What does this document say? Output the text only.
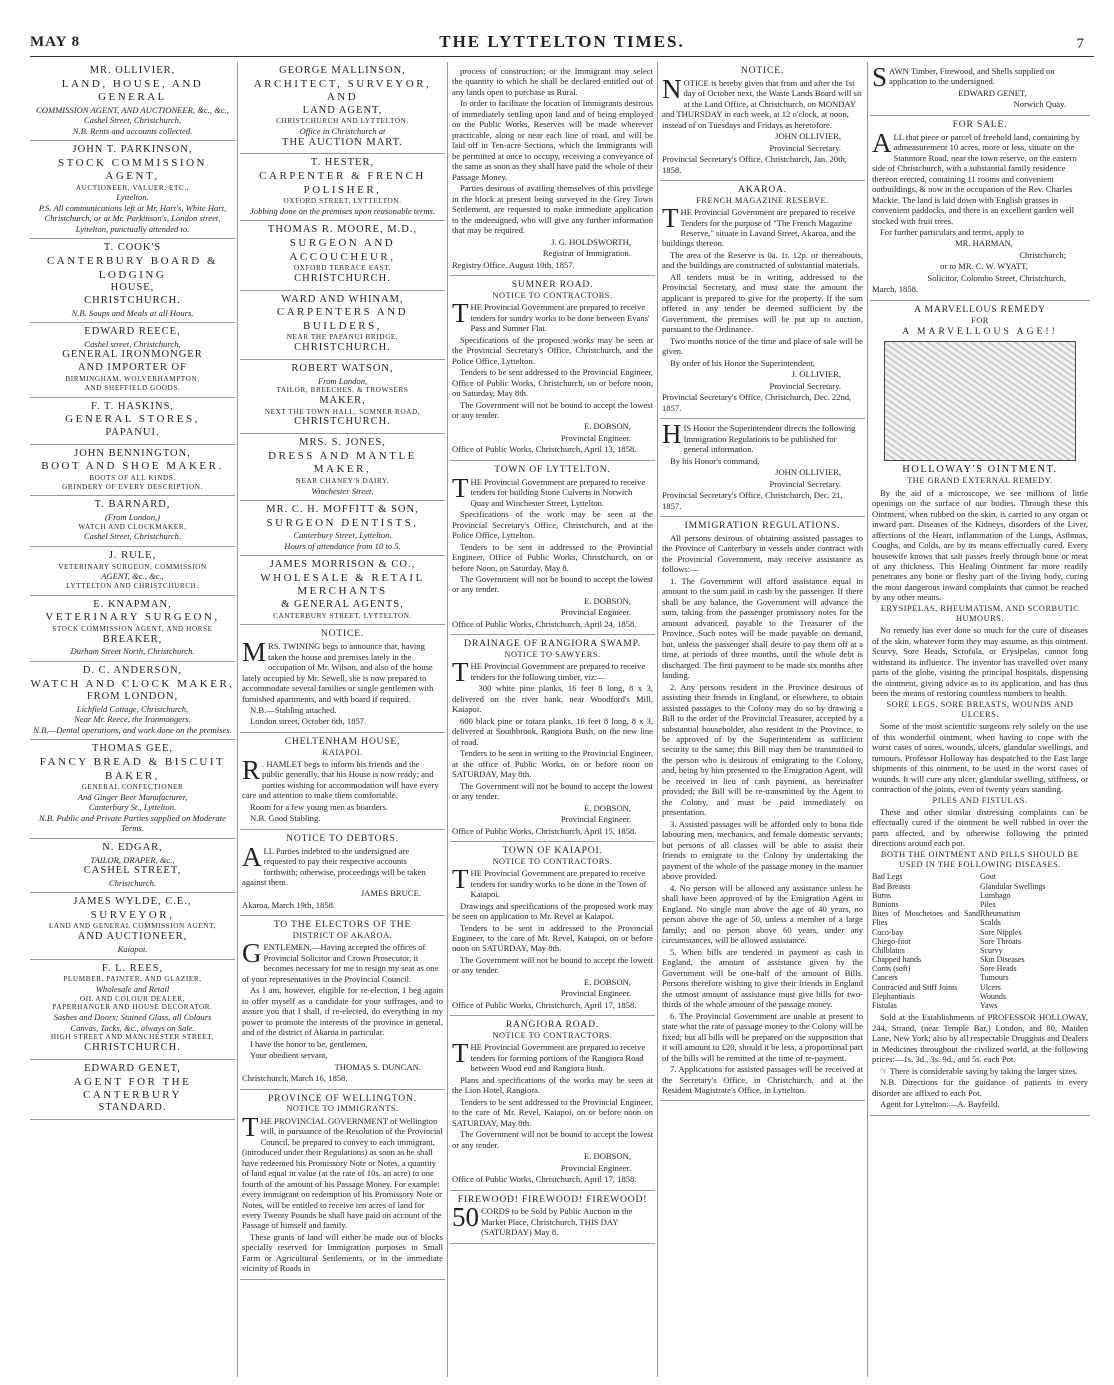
MAY 8	THE LYTTELTON TIMES.	7
MR. OLLIVIER,
LAND, HOUSE, AND GENERAL
COMMISSION AGENT, AND AUCTIONEER, &c., &c.,
Cashel Street, Christchurch,
N.B. Rents and accounts collected.
JOHN T. PARKINSON,
STOCK COMMISSION AGENT,
AUCTIONEER, VALUER, ETC.,
Lyttelton.
P.S. All communications left at Mr. Hart's, White Hart, Christchurch, or at Mr. Parkinson's, London street, Lyttelton, punctually attended to.
T. COOK'S
CANTERBURY BOARD & LODGING
HOUSE,
CHRISTCHURCH.
N.B. Soups and Meals at all Hours.
EDWARD REECE,
Cashel street, Christchurch,
GENERAL IRONMONGER
AND IMPORTER OF
BIRMINGHAM, WOLVERHAMPTON,
AND SHEFFIELD GOODS.
F. T. HASKINS,
GENERAL STORES,
PAPANUI.
JOHN BENNINGTON,
BOOT AND SHOE MAKER.
BOOTS OF ALL KINDS.
GRINDERY OF EVERY DESCRIPTION.
T. BARNARD,
(From London,)
WATCH AND CLOCKMAKER,
Cashel Street, Christchurch.
J. RULE,
VETERINARY SURGEON, COMMISSION
AGENT, &c., &c.,
LYTTELTON AND CHRISTCHURCH.
E. KNAPMAN,
VETERINARY SURGEON,
STOCK COMMISSION AGENT, AND HORSE
BREAKER,
Durham Street North, Christchurch.
D. C. ANDERSON,
WATCH AND CLOCK MAKER,
FROM LONDON,
Lichfield Cottage, Christchurch,
Near Mr. Reece, the Ironmongers.
N.B.—Dental operations, and work done on the premises.
THOMAS GEE,
FANCY BREAD & BISCUIT BAKER,
GENERAL CONFECTIONER
And Ginger Beer Manufacturer,
Canterbury St., Lyttelton.
N.B. Public and Private Parties supplied on Moderate Terms.
N. EDGAR,
TAILOR, DRAPER, &c.,
CASHEL STREET,
Christchurch.
JAMES WYLDE, C.E.,
SURVEYOR,
LAND AND GENERAL COMMISSION AGENT,
AND AUCTIONEER,
Kaiapoi.
F. L. REES,
PLUMBER, PAINTER, AND GLAZIER,
Wholesale and Retail
OIL AND COLOUR DEALER,
PAPERHANGER AND HOUSE DECORATOR.
Sashes and Doors; Stained Glass, all Colours
Canvas, Tacks, &c., always on Sale.
HIGH STREET AND MANCHESTER STREET,
CHRISTCHURCH.
EDWARD GENET,
AGENT FOR THE CANTERBURY
STANDARD.
GEORGE MALLINSON,
ARCHITECT, SURVEYOR, AND
LAND AGENT,
CHRISTCHURCH AND LYTTELTON.
Office in Christchurch at
THE AUCTION MART.
T. HESTER,
CARPENTER & FRENCH POLISHER,
OXFORD STREET, LYTTELTON.
Jobbing done on the premises upon reasonable terms.
THOMAS R. MOORE, M.D.,
SURGEON AND ACCOUCHEUR,
OXFORD TERRACE EAST,
CHRISTCHURCH.
WARD AND WHINAM,
CARPENTERS AND BUILDERS,
NEAR THE PAPANUI BRIDGE,
CHRISTCHURCH.
ROBERT WATSON,
From London,
TAILOR, BREECHES, & TROWSERS
MAKER,
NEXT THE TOWN HALL, SUMNER ROAD,
CHRISTCHURCH.
MRS. S. JONES,
DRESS AND MANTLE MAKER,
NEAR CHANEY'S DAIRY,
Winchester Street.
MR. C. H. MOFFITT & SON,
SURGEON DENTISTS,
Canterbury Street, Lyttelton.
Hours of attendance from 10 to 5.
JAMES MORRISON & CO.,
WHOLESALE & RETAIL MERCHANTS
& GENERAL AGENTS,
CANTERBURY STREET, LYTTELTON.
NOTICE.

MRS. TWINING begs to announce that, having taken the house and premises lately in the occupation of Mr. Wilson, and also of the house lately occupied by Mr. Sewell, she is now prepared to accommodate several families or single gentlemen with furnished apartments, and with board if required.

N.B.—Stabling attached.

London street, October 6th, 1857.

CHELTENHAM HOUSE,
KAIAPOI.

R . HAMLET begs to inform his friends and the public generally, that his House is now ready; and parties wishing for accommodation will have every care and attention to make them comfortable.

Room for a few young men as boarders.

N.B. Good Stabling.

NOTICE TO DEBTORS.

ALL Parties indebted to the undersigned are requested to pay their respective accounts forthwith; otherwise, proceedings will be taken against them.

JAMES BRUCE.

Akaroa, March 19th, 1858.

TO THE ELECTORS OF THE
DISTRICT OF AKAROA.

GENTLEMEN,—Having accepted the offices of Provincial Solicitor and Crown Prosecutor, it becomes necessary for me to resign my seat as one of your representatives in the Provincial Council.

As I am, however, eligible for re-election, I beg again to offer myself as a candidate for your suffrages, and to assure you that I shall, if re-elected, do everything in my power to promote the interests of the province in general, and of the district of Akaroa in particular.

I have the honor to be, gentlemen,

Your obedient servant,

THOMAS S. DUNCAN.

Christchurch, March 16, 1858.

PROVINCE OF WELLINGTON.
NOTICE TO IMMIGRANTS.

THE PROVINCIAL GOVERNMENT of Wellington will, in pursuance of the Resolution of the Provincial Council, be prepared to convey to each immigrant, (introduced under their Regulations) as soon as he shall have redeemed his Promissory Note or Notes, a quantity of land equal in value (at the rate of 10s. an acre) to one fourth of the amount of his Passage Money. For example: every immigrant on redemption of his Promissory Note or Notes, will be entitled to receive ten acres of land for every Twenty Pounds he shall have paid on account of the Passage of himself and family.

These grants of land will either be made out of blocks specially reserved for Immigration purposes in Small Farm or Agricultural Settlements, or in the immediate vicinity of Roads in

process of construction; or the Immigrant may select the quantity to which he shall be declared entitled out of any lands open to purchase as Rural.

In order to facilitate the location of Immigrants desirous of immediately settling upon land and of being employed on the Public Works, Reserves will be made wherever practicable, along or near each line of road, and will be laid off in Ten-acre Sections, which the Immigrants will be permitted at once to occupy, receiving a conveyance of the same as soon as they shall have paid the whole of their Passage Money.

Parties desirous of availing themselves of this privilege in the block at present being surveyed in the Grey Town Settlement, are requested to make immediate application to the undersigned, who will give any further information that may be required.

J. G. HOLDSWORTH,

Registrar of Immigration.

Registry Office, August 10th, 1857.

SUMNER ROAD.
NOTICE TO CONTRACTORS.

THE Provincial Government are prepared to receive tenders for sundry works to be done between Evans' Pass and Sumner Flat.

Specifications of the proposed works may be seen at the Provincial Secretary's Office, Christchurch, and the Police Office, Lyttelton.

Tenders to be sent addressed to the Provincial Engineer, Office of Public Works, Christchurch, on or before noon, on Saturday, May 8th.

The Government will not be bound to accept the lowest or any tender.

E. DOBSON,

Provincial Engineer.

Office of Public Works, Christchurch, April 13, 1858.

TOWN OF LYTTELTON.

THE Provincial Government are prepared to receive tenders for building Stone Culverts in Norwich Quay and Winchester Street, Lyttelton.

Specifications of the work may be seen at the Provincial Secretary's Office, Christchurch, and at the Police Office, Lyttelton.

Tenders to be sent in addressed to the Provincial Engineer, Office of Public Works, Christchurch, on or before Noon, on Saturday, May 8.

The Government will not be bound to accept the lowest or any tender.

E. DOBSON,

Provincial Engineer.

Office of Public Works, Christchurch, April 24, 1858.

DRAINAGE OF RANGIORA SWAMP.
NOTICE TO SAWYERS.

THE Provincial Government are prepared to receive tenders for the following timber, viz:—

300 white pine planks, 16 feet 8 long, 8 x 3, delivered on the river bank, near Woodford's Mill, Kaiapoi.

600 black pine or totara planks, 16 feet 8 long, 8 x 3, delivered at Southbrook, Rangiora Bush, on the new line of road.

Tenders to be sent in writing to the Provincial Engineer, at the office of Public Works, on or before noon on SATURDAY, May 8th.

The Government will not be bound to accept the lowest or any tender.

E. DOBSON,

Provincial Engineer.

Office of Public Works, Christchurch, April 15, 1858.

TOWN OF KAIAPOI.
NOTICE TO CONTRACTORS.

THE Provincial Government are prepared to receive tenders for sundry works to be done in the Town of Kaiapoi.

Drawings and specifications of the proposed work may be seen on application to Mr. Revel at Kaiapoi.

Tenders to be sent in addressed to the Provincial Engineer, to the care of Mr. Revel, Kaiapoi, on or before noon on SATURDAY, May 8th.

The Government will not be bound to accept the lowest or any tender.

E. DOBSON,

Provincial Engineer.

Office of Public Works, Christchurch, April 17, 1858.

RANGIORA ROAD.
NOTICE TO CONTRACTORS.

THE Provincial Government are prepared to receive tenders for forming portions of the Rangiora Road between Wood end and Rangiora bush.

Plans and specifications of the works may be seen at the Lion Hotel, Rangiora.

Tenders to be sent addressed to the Provincial Engineer, to the care of Mr. Revel, Kaiapoi, on or before noon on SATURDAY, May 8th.

The Government will not be bound to accept the lowest or any tender.

E. DOBSON,

Provincial Engineer.

Office of Public Works, Christchurch, April 17, 1858.

FIREWOOD! FIREWOOD! FIREWOOD!

50 CORDS to be Sold by Public Auction in the Market Place, Christchurch, THIS DAY (SATURDAY) May 8.

NOTICE.

NOTICE is hereby given that from and after the 1st day of October next, the Waste Lands Board will sit at the Land Office, at Christchurch, on MONDAY and THURSDAY in each week, at 12 o'clock, at noon, instead of on Tuesdays and Fridays as heretofore.

JOHN OLLIVIER,

Provincial Secretary.

Provincial Secretary's Office, Christchurch, Jan. 20th, 1858.

AKAROA.
FRENCH MAGAZINE RESERVE.

THE Provincial Government are prepared to receive Tenders for the purpose of "The French Magazine Reserve," situate in Lavand Street, Akaroa, and the buildings thereon.

The area of the Reserve is 0a. 1r. 12p. or thereabouts, and the buildings are constructed of substantial materials.

All tenders must be in writing, addressed to the Provincial Secretary, and must state the amount the applicant is prepared to give for the property. If the sum offered in any tender be deemed sufficient by the Government, the premises will be put up to auction, pursuant to the Ordinance.

Two months notice of the time and place of sale will be given.

By order of his Honor the Superintendent,

J. OLLIVIER,

Provincial Secretary.

Provincial Secretary's Office, Christchurch, Dec. 22nd, 1857.

HIS Honor the Superintendent directs the following Immigration Regulations to be published for general information.

By his Honor's command,

JOHN OLLIVIER,

Provincial Secretary.

Provincial Secretary's Office, Christchurch, Dec. 21, 1857.

IMMIGRATION REGULATIONS.

All persons desirous of obtaining assisted passages to the Province of Canterbury in vessels under contract with the Provincial Government, may receive assistance as follows:—

1. The Government will afford assistance equal in amount to the sum paid in cash by the passenger. If there shall be any balance, the Government will advance the sum, taking from the passenger promissory notes for the amount advanced, payable to the Treasurer of the Province. Such notes will be made payable on demand, but, unless the passenger shall desire to pay them off at a time, at periods of three months, until the whole debt is discharged. The first payment to be made six months after landing.

2. Any persons resident in the Province desirous of assisting their friends in England, or elsewhere, to obtain assisted passages to the Colony may do so by drawing a Bill to the order of the Provincial Treasurer, accepted by a substantial householder, also resident in the Province, to be approved of by the Superintendent as sufficient security to the same; this Bill may then be transmitted to the person who is desirous of emigrating to the Colony, and, being by him presented to the Emigration Agent, will be received in lieu of cash payment, as hereinafter provided; the Bill will be re-transmitted by the Agent to the Colony, and must be paid immediately on presentation.

3. Assisted passages will be afforded only to bona fide labouring men, mechanics, and female domestic servants; but persons of all classes will be able to assist their friends to emigrate to the Colony by undertaking the payment of the whole of the passage money in the manner above provided.

4. No person will be allowed any assistance unless he shall have been approved of by the Emigration Agent in England. No single man above the age of 40 years, no person above the age of 50, unless a member of a large family; and no person above 60 years, under any circumstances, will be allowed assistance.

5. When bills are tendered in payment as cash in England, the amount of assistance given by the Government will be one-half of the amount of Bills. Persons therefore wishing to give their friends in England the utmost amount of assistance must give bills for two-thirds of the whole amount of the passage money.

6. The Provincial Government are unable at present to state what the rate of passage money to the Colony will be fixed; but all bills will be prepared on the supposition that it will amount to £20, should it be less, a proportional part of the bills will be remitted at the time of re-payment.

7. Applications for assisted passages will be received at the Secretary's Office, in Christchurch, and at the Resident Magistrate's Office, in Lyttelton.

SAWN Timber, Firewood, and Shells supplied on application to the undersigned.

EDWARD GENET,

Norwich Quay.

FOR SALE.

ALL that piece or parcel of freehold land, containing by admeasurement 10 acres, more or less, situate on the Stanmore Road, near the town reserve, on the eastern side of Christchurch, with a substantial family residence thereon erected, containing 11 rooms and convenient outbuildings, & now in the occupation of the Rev. Charles Mackie. The land is laid down with English grasses in convenient paddocks, and there is an excellent garden well stocked with fruit trees.

For further particulars and terms, apply to

MR. HARMAN,

Christchurch;

or to MR. C. W. WYATT,

Solicitor, Colombo Street, Christchurch,

March, 1858.

A MARVELLOUS REMEDY
FOR
A MARVELLOUS AGE!!
HOLLOWAY'S OINTMENT.
THE GRAND EXTERNAL REMEDY.

By the aid of a microscope, we see millions of little openings on the surface of our bodies. Through these this Ointment, when rubbed on the skin, is carried to any organ or inward part. Diseases of the Kidneys, disorders of the Liver, affections of the Heart, inflammation of the Lungs, Asthmas, Coughs, and Colds, are by its means effectually cured. Every housewife knows that salt passes freely through bone or meat of any thickness. This Healing Ointment far more readily penetrates any bone or fleshy part of the living body, curing the most dangerous inward complaints that cannot be reached by any other means.

ERYSIPELAS, RHEUMATISM, AND SCORBUTIC HUMOURS.

No remedy has ever done so much for the cure of diseases of the skin, whatever form they may assume, as this ointment. Scurvy, Sore Heads, Scrofula, or Erysipelas, cannot long withstand its influence. The inventor has travelled over many parts of the globe, visiting the principal hospitals, dispensing the ointment, giving advice as to its application, and has thus been the means of restoring countless numbers to health.

SORE LEGS, SORE BREASTS, WOUNDS AND ULCERS.

Some of the most scientific surgeons rely solely on the use of this wonderful ointment, when having to cope with the worst cases of sores, wounds, ulcers, glandular swellings, and tumours. Professor Holloway has despatched to the East large shipments of this ointment, to be used in the worst cases of wounds. It will cure any ulcer, glandular swelling, stiffness, or contraction of the joints, even of twenty years standing.

PILES AND FISTULAS.

These and other similar distressing complaints can be effectually cured if the ointment be well rubbed in over the parts affected, and by otherwise following the printed directions around each pot.

BOTH THE OINTMENT AND PILLS SHOULD BE USED IN THE FOLLOWING DISEASES.
Bad Legs
Bad Breasts
Burns
Bunions
Bites of Moschetoes and Sand Flies
Coco-bay
Chiego-foot
Chilblains
Chapped hands
Corns (soft)
Cancers
Contracted and Stiff Joints
Elephantiasis
Fistulas
Gout
Glandular Swellings
Lumbago
Piles
Rheumatism
Scalds
Sore Nipples
Sore Throats
Scurvy
Skin Diseases
Sore Heads
Tumours
Ulcers
Wounds
Yaws

Sold at the Establishments of PROFESSOR HOLLOWAY, 244, Strand, (near Temple Bar,) London, and 80, Maiden Lane, New York; also by all respectable Druggists and Dealers in Medicines throughout the civilized world, at the following prices:—1s. 3d., 3s. 9d., and 5s. each Pot.

☞ There is considerable saving by taking the larger sizes.

N.B. Directions for the guidance of patients in every disorder are affixed to each Pot.

Agent for Lyttelton:—A. Bayfeild.
